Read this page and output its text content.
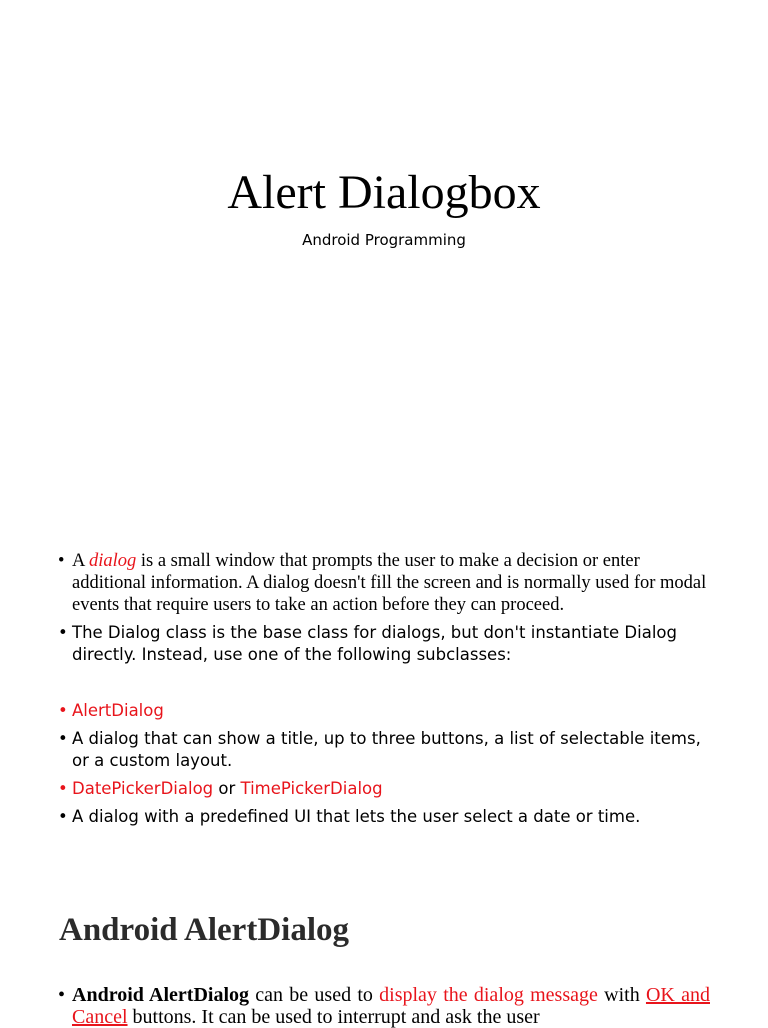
Alert Dialogbox
Android Programming
• A dialog is a small window that prompts the user to make a decision or enter additional information. A dialog doesn't fill the screen and is normally used for modal events that require users to take an action before they can proceed.
• The Dialog class is the base class for dialogs, but don't instantiate Dialog directly. Instead, use one of the following subclasses:
• AlertDialog
• A dialog that can show a title, up to three buttons, a list of selectable items, or a custom layout.
• DatePickerDialog or TimePickerDialog
• A dialog with a predefined UI that lets the user select a date or time.
Android AlertDialog
• Android AlertDialog can be used to display the dialog message with OK and Cancel buttons. It can be used to interrupt and ask the user
